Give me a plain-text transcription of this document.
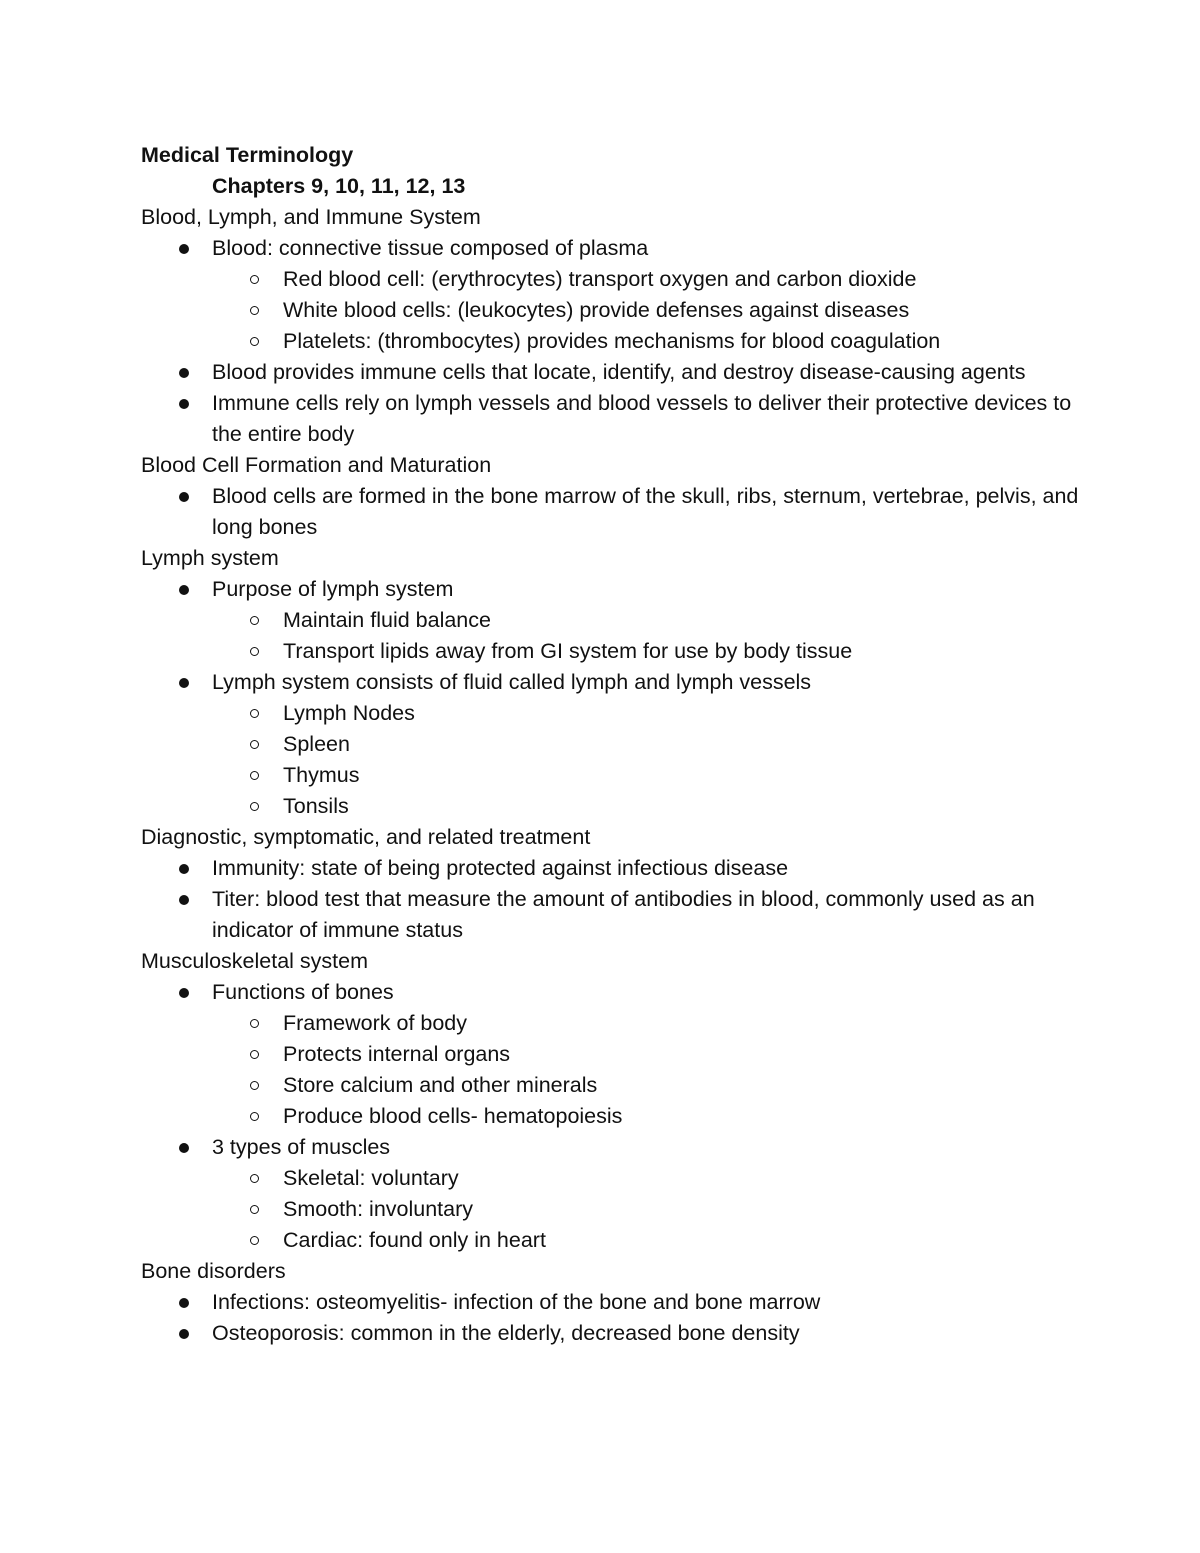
Medical Terminology
Chapters 9, 10, 11, 12, 13
Blood, Lymph, and Immune System
Blood: connective tissue composed of plasma
Red blood cell: (erythrocytes) transport oxygen and carbon dioxide
White blood cells: (leukocytes) provide defenses against diseases
Platelets: (thrombocytes) provides mechanisms for blood coagulation
Blood provides immune cells that locate, identify, and destroy disease-causing agents
Immune cells rely on lymph vessels and blood vessels to deliver their protective devices to the entire body
Blood Cell Formation and Maturation
Blood cells are formed in the bone marrow of the skull, ribs, sternum, vertebrae, pelvis, and long bones
Lymph system
Purpose of lymph system
Maintain fluid balance
Transport lipids away from GI system for use by body tissue
Lymph system consists of fluid called lymph and lymph vessels
Lymph Nodes
Spleen
Thymus
Tonsils
Diagnostic, symptomatic, and related treatment
Immunity: state of being protected against infectious disease
Titer: blood test that measure the amount of antibodies in blood, commonly used as an indicator of immune status
Musculoskeletal system
Functions of bones
Framework of body
Protects internal organs
Store calcium and other minerals
Produce blood cells- hematopoiesis
3 types of muscles
Skeletal: voluntary
Smooth: involuntary
Cardiac: found only in heart
Bone disorders
Infections: osteomyelitis- infection of the bone and bone marrow
Osteoporosis: common in the elderly, decreased bone density
